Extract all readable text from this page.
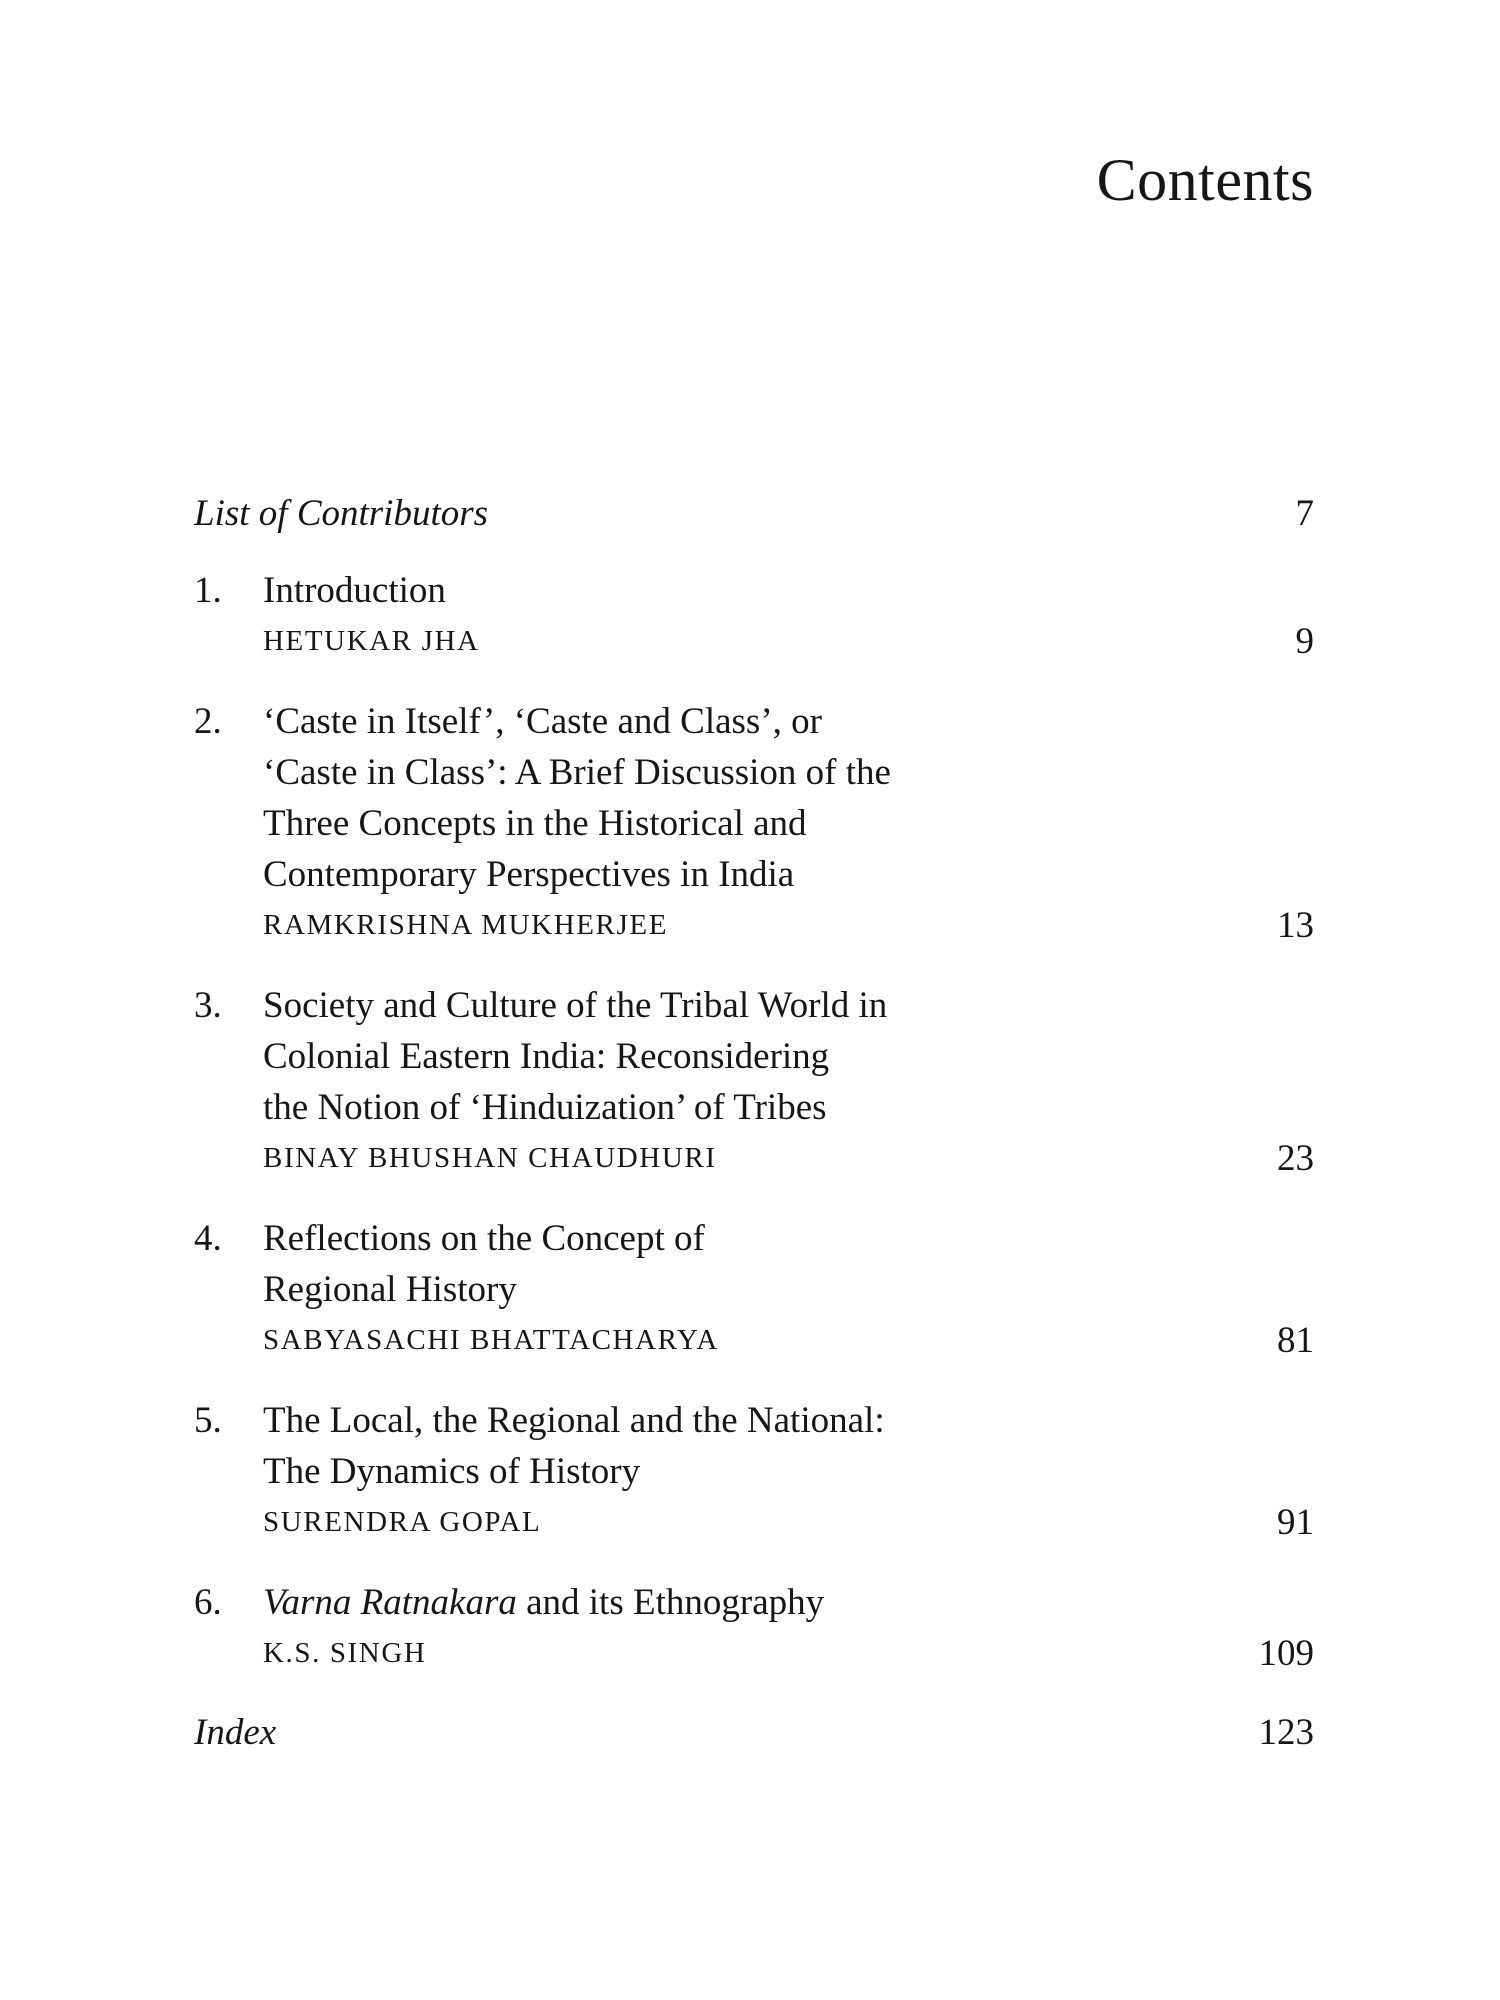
Contents
List of Contributors	7
1. Introduction
HETUKAR JHA	9
2. ‘Caste in Itself’, ‘Caste and Class’, or
‘Caste in Class’: A Brief Discussion of the
Three Concepts in the Historical and
Contemporary Perspectives in India
RAMKRISHNA MUKHERJEE	13
3. Society and Culture of the Tribal World in
Colonial Eastern India: Reconsidering
the Notion of ‘Hinduization’ of Tribes
BINAY BHUSHAN CHAUDHURI	23
4. Reflections on the Concept of
Regional History
SABYASACHI BHATTACHARYA	81
5. The Local, the Regional and the National:
The Dynamics of History
SURENDRA GOPAL	91
6. Varna Ratnakara and its Ethnography
K.S. SINGH	109
Index	123
